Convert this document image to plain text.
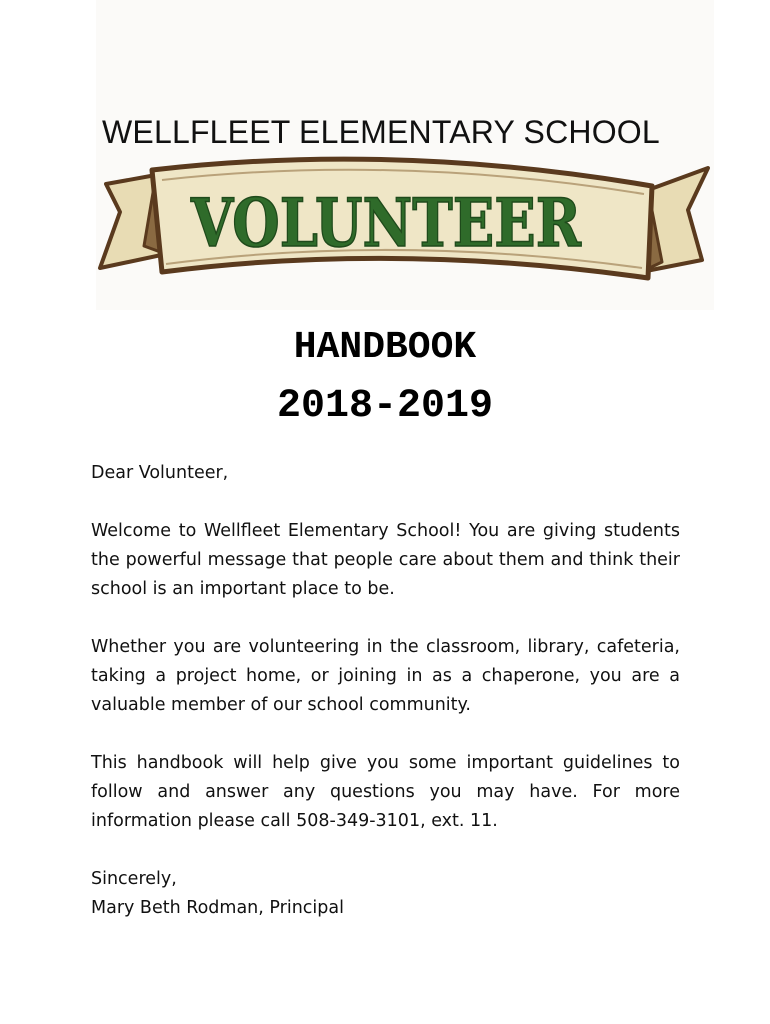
WELLFLEET ELEMENTARY SCHOOL
VOLUNTEER
HANDBOOK
2018-2019

Dear Volunteer,

Welcome to Wellfleet Elementary School! You are giving students the powerful message that people care about them and think their school is an important place to be.

Whether you are volunteering in the classroom, library, cafeteria, taking a project home, or joining in as a chaperone, you are a valuable member of our school community.

This handbook will help give you some important guidelines to follow and answer any questions you may have. For more information please call 508-349-3101, ext. 11.

Sincerely,

Mary Beth Rodman, Principal
